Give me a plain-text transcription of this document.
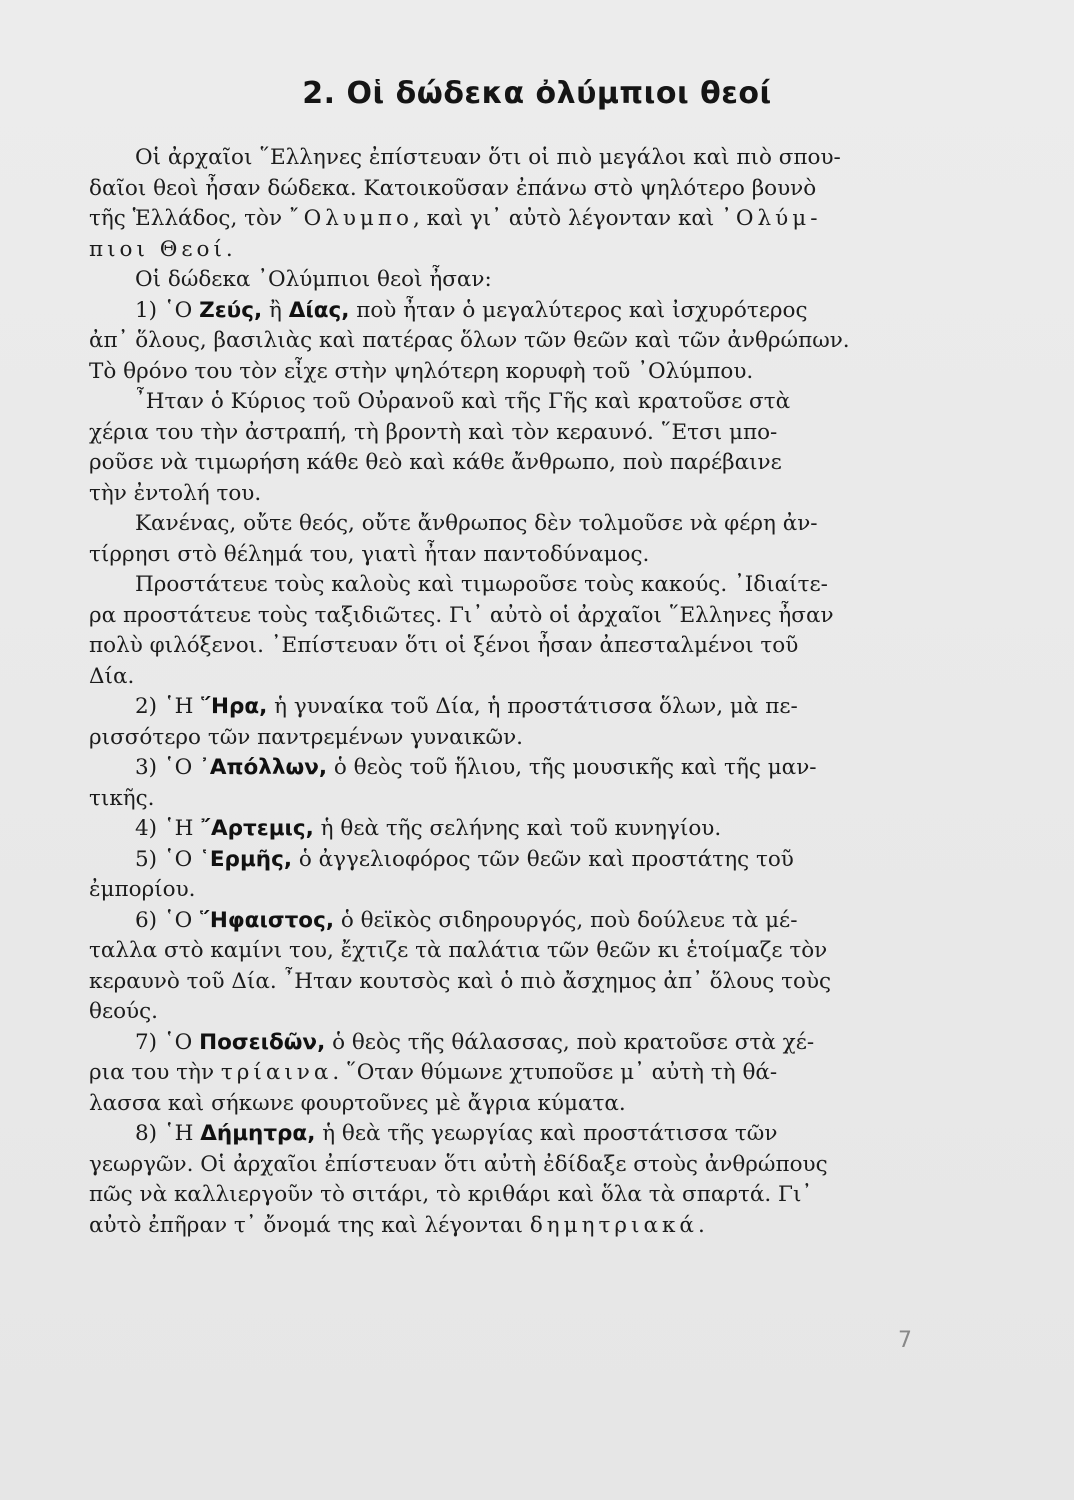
2. Οἱ δώδεκα ὀλύμπιοι θεοί
Οἱ ἀρχαῖοι ῞Ελληνες ἐπίστευαν ὅτι οἱ πιὸ μεγάλοι καὶ πιὸ σπου-
δαῖοι θεοὶ ἦσαν δώδεκα. Κατοικοῦσαν ἐπάνω στὸ ψηλότερο βουνὸ
τῆς Ἑλλάδος, τὸν ῎Ολυμπο, καὶ γι᾽ αὐτὸ λέγονταν καὶ ᾽Ολύμ-
πιοι Θεοί.
Οἱ δώδεκα ᾽Ολύμπιοι θεοὶ ἦσαν:
1) ῾Ο Ζεύς, ἢ Δίας, ποὺ ἦταν ὁ μεγαλύτερος καὶ ἰσχυρότερος
ἀπ᾽ ὅλους, βασιλιὰς καὶ πατέρας ὅλων τῶν θεῶν καὶ τῶν ἀνθρώπων.
Τὸ θρόνο του τὸν εἶχε στὴν ψηλότερη κορυφὴ τοῦ ᾽Ολύμπου.
῏Ηταν ὁ Κύριος τοῦ Οὐρανοῦ καὶ τῆς Γῆς καὶ κρατοῦσε στὰ
χέρια του τὴν ἀστραπή, τὴ βροντὴ καὶ τὸν κεραυνό. ῞Ετσι μπο-
ροῦσε νὰ τιμωρήση κάθε θεὸ καὶ κάθε ἄνθρωπο, ποὺ παρέβαινε
τὴν ἐντολή του.
Κανένας, οὔτε θεός, οὔτε ἄνθρωπος δὲν τολμοῦσε νὰ φέρη ἀν-
τίρρησι στὸ θέλημά του, γιατὶ ἦταν παντοδύναμος.
Προστάτευε τοὺς καλοὺς καὶ τιμωροῦσε τοὺς κακούς. ᾽Ιδιαίτε-
ρα προστάτευε τοὺς ταξιδιῶτες. Γι᾽ αὐτὸ οἱ ἀρχαῖοι ῞Ελληνες ἦσαν
πολὺ φιλόξενοι. ᾽Επίστευαν ὅτι οἱ ξένοι ἦσαν ἀπεσταλμένοι τοῦ
Δία.
2) ῾Η ῞Ηρα, ἡ γυναίκα τοῦ Δία, ἡ προστάτισσα ὅλων, μὰ πε-
ρισσότερο τῶν παντρεμένων γυναικῶν.
3) ῾Ο ᾽Απόλλων, ὁ θεὸς τοῦ ἥλιου, τῆς μουσικῆς καὶ τῆς μαν-
τικῆς.
4) ῾Η ῎Αρτεμις, ἡ θεὰ τῆς σελήνης καὶ τοῦ κυνηγίου.
5) ῾Ο ῾Ερμῆς, ὁ ἀγγελιοφόρος τῶν θεῶν καὶ προστάτης τοῦ
ἐμπορίου.
6) ῾Ο ῞Ηφαιστος, ὁ θεϊκὸς σιδηρουργός, ποὺ δούλευε τὰ μέ-
ταλλα στὸ καμίνι του, ἔχτιζε τὰ παλάτια τῶν θεῶν κι ἑτοίμαζε τὸν
κεραυνὸ τοῦ Δία. ῏Ηταν κουτσὸς καὶ ὁ πιὸ ἄσχημος ἀπ᾽ ὅλους τοὺς
θεούς.
7) ῾Ο Ποσειδῶν, ὁ θεὸς τῆς θάλασσας, ποὺ κρατοῦσε στὰ χέ-
ρια του τὴν τρίαινα. ῞Οταν θύμωνε χτυποῦσε μ᾽ αὐτὴ τὴ θά-
λασσα καὶ σήκωνε φουρτοῦνες μὲ ἄγρια κύματα.
8) ῾Η Δήμητρα, ἡ θεὰ τῆς γεωργίας καὶ προστάτισσα τῶν
γεωργῶν. Οἱ ἀρχαῖοι ἐπίστευαν ὅτι αὐτὴ ἐδίδαξε στοὺς ἀνθρώπους
πῶς νὰ καλλιεργοῦν τὸ σιτάρι, τὸ κριθάρι καὶ ὅλα τὰ σπαρτά. Γι᾽
αὐτὸ ἐπῆραν τ᾽ ὄνομά της καὶ λέγονται δημητριακά.
7
